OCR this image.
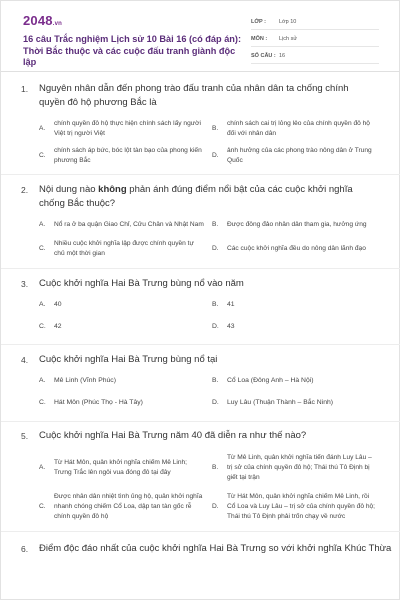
2048.vn
16 câu Trắc nghiệm Lịch sử 10 Bài 16 (có đáp án): Thời Bắc thuộc và các cuộc đấu tranh giành độc lập
LỚP :	Lớp 10
MÔN :	Lịch sử
SỐ CÂU : 16
1. Nguyên nhân dẫn đến phong trào đấu tranh của nhân dân ta chống chính quyền đô hộ phương Bắc là
A.
chính quyền đô hộ thực hiện chính sách lấy người Việt trị người Việt
B.
chính sách cai trị lỏng lẻo của chính quyền đô hộ đối với nhân dân
C.
chính sách áp bức, bóc lột tàn bạo của phong kiến phương Bắc
D.
ảnh hưởng của các phong trào nông dân ở Trung Quốc
2. Nội dung nào không phản ánh đúng điểm nổi bật của các cuộc khởi nghĩa chống Bắc thuộc?
A.	Nổ ra ở ba quận Giao Chỉ, Cửu Chân và Nhật Nam	B.	Được đông đảo nhân dân tham gia, hưởng ứng
C.
Nhiều cuộc khởi nghĩa lập được chính quyền tự chủ một thời gian
D.	Các cuộc khởi nghĩa đều do nông dân lãnh đạo
3. Cuộc khởi nghĩa Hai Bà Trưng bùng nổ vào năm
A.	40	B.	41
C.	42	D.	43
4. Cuộc khởi nghĩa Hai Bà Trưng bùng nổ tại
A.	Mê Linh (Vĩnh Phúc)	B.	Cổ Loa (Đông Anh – Hà Nội)
C.	Hát Môn (Phúc Thọ - Hà Tây)	D.	Luy Lâu (Thuận Thành – Bắc Ninh)
5. Cuộc khởi nghĩa Hai Bà Trưng năm 40 đã diễn ra như thế nào?
A.
Từ Hát Môn, quân khởi nghĩa chiếm Mê Linh; Trưng Trắc lên ngôi vua đóng đô tại đây
B.
Từ Mê Linh, quân khởi nghĩa tiến đánh Luy Lâu – trị sở của chính quyền đô hộ; Thái thú Tô Định bị giết tại trận
C.
Được nhân dân nhiệt tình ủng hộ, quân khởi nghĩa nhanh chóng chiếm Cổ Loa, dập tan tàn gốc rễ chính quyền đô hộ
D.
Từ Hát Môn, quân khởi nghĩa chiếm Mê Linh, rồi Cổ Loa và Luy Lâu – trị sở của chính quyền đô hộ; Thái thú Tô Định phải trốn chạy về nước
6. Điểm độc đáo nhất của cuộc khởi nghĩa Hai Bà Trưng so với khởi nghĩa Khúc Thừa
